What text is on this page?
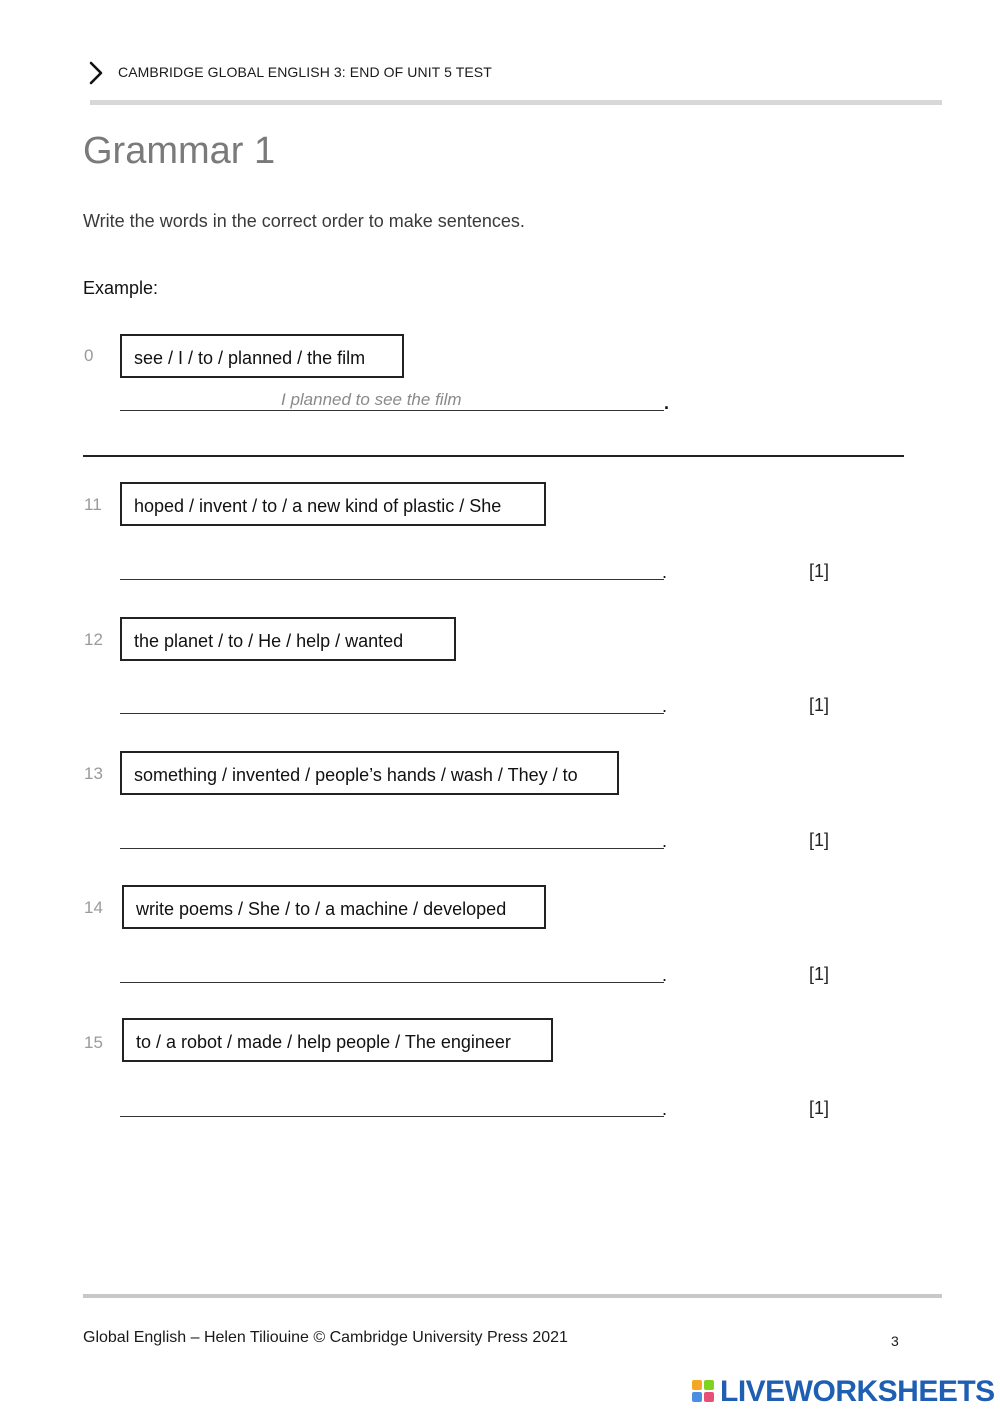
CAMBRIDGE GLOBAL ENGLISH 3: END OF UNIT 5 TEST
Grammar 1
Write the words in the correct order to make sentences.
Example:
0	see / I / to / planned / the film
I planned to see the film	.
11	hoped / invent / to / a new kind of plastic / She
.	[1]
12	the planet / to / He / help / wanted
.	[1]
13	something / invented / people’s hands / wash / They / to
.	[1]
14	write poems / She / to / a machine / developed
.	[1]
15	to / a robot / made / help people / The engineer
.	[1]
Global English – Helen Tiliouine © Cambridge University Press 2021	3
LIVEWORKSHEETS
